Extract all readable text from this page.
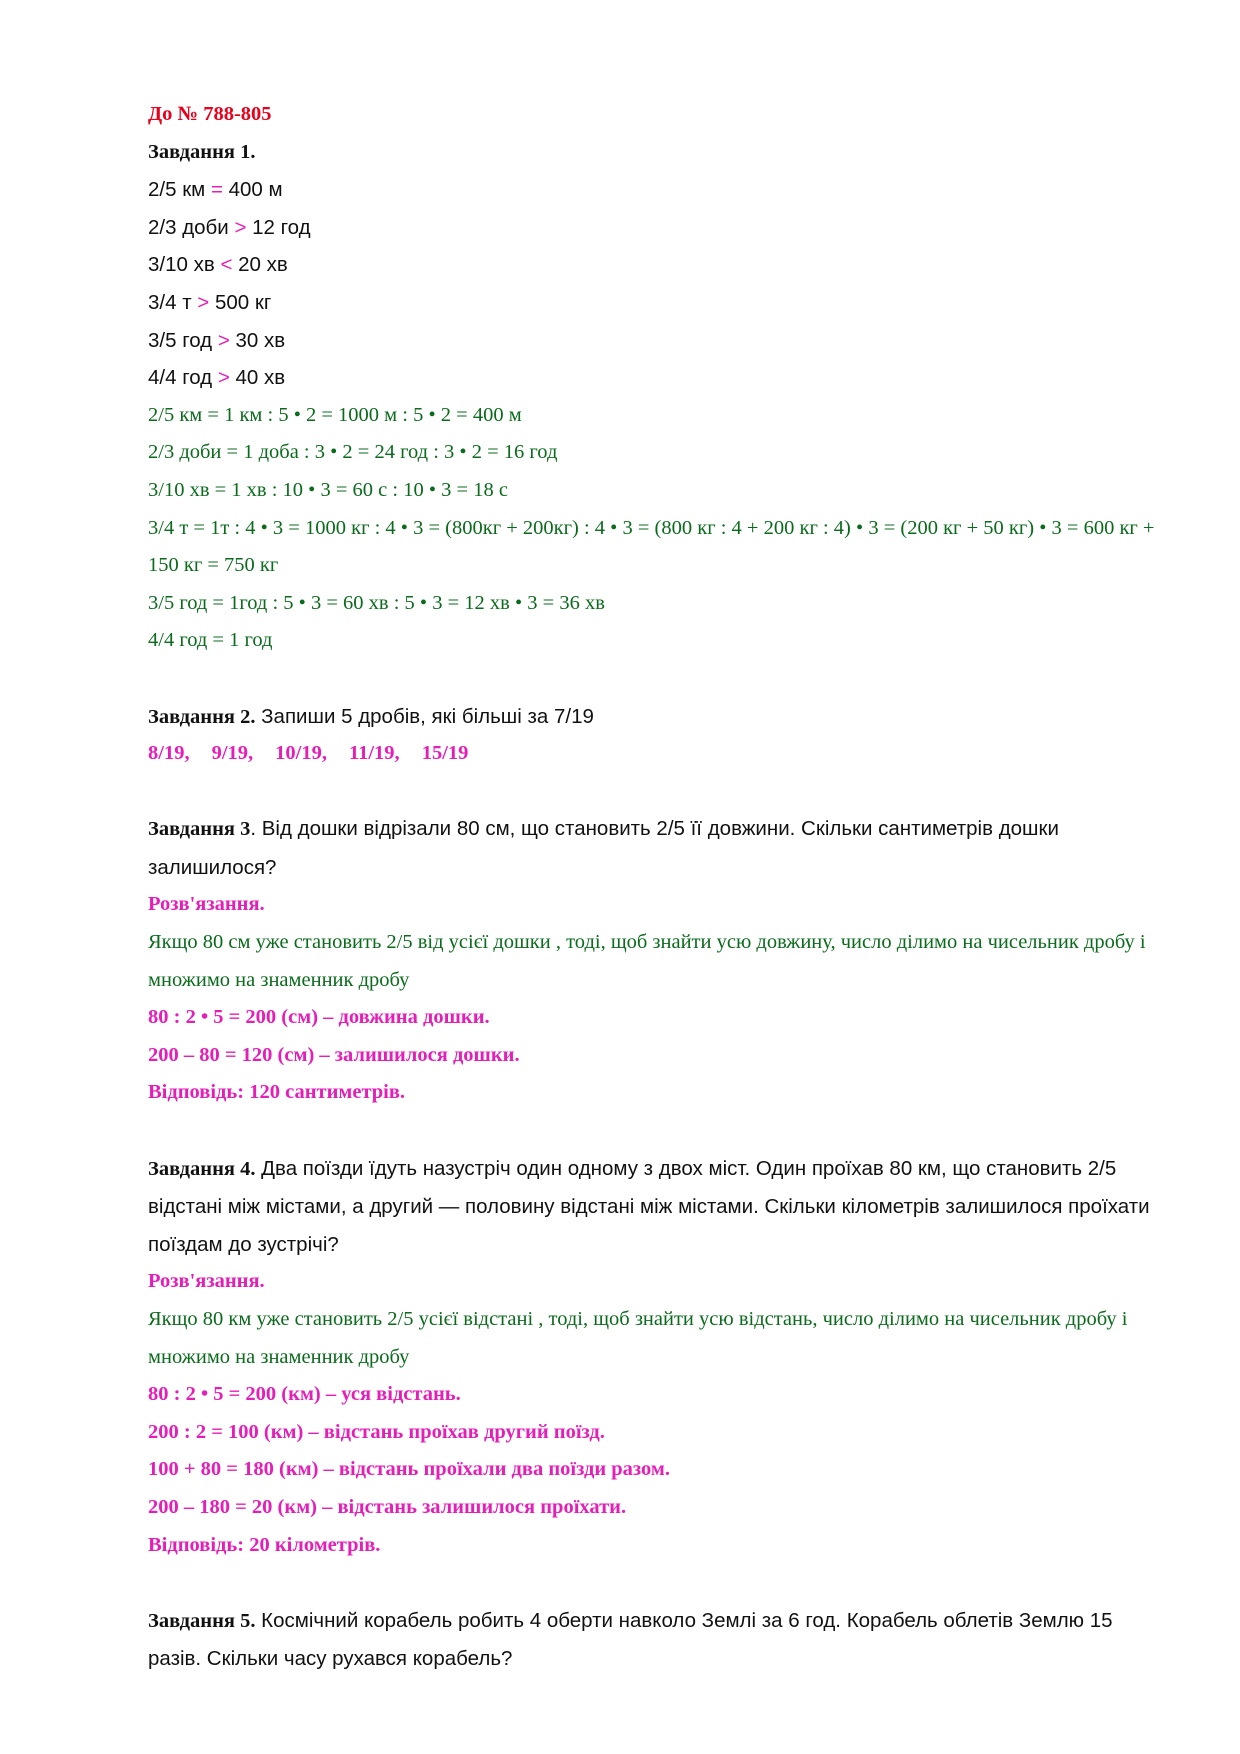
До № 788-805
Завдання 1.
2/5 км = 400 м
2/3 доби > 12 год
3/10 хв < 20 хв
3/4 т > 500 кг
3/5 год > 30 хв
4/4 год > 40 хв
2/5 км = 1 км : 5 • 2 = 1000 м : 5 • 2 = 400 м
2/3 доби = 1 доба : 3 • 2 = 24 год : 3 • 2 = 16 год
3/10 хв = 1 хв : 10 • 3 = 60 с : 10 • 3 = 18 с
3/4 т = 1т : 4 • 3 = 1000 кг : 4 • 3 = (800кг + 200кг) : 4 • 3 = (800 кг : 4 + 200 кг : 4) • 3 = (200 кг + 50 кг) • 3 = 600 кг + 150 кг = 750 кг
3/5 год = 1год : 5 • 3 = 60 хв : 5 • 3 = 12 хв • 3 = 36 хв
4/4 год = 1 год
Завдання 2. Запиши 5 дробів, які більші за 7/19
8/19, 9/19, 10/19, 11/19, 15/19
Завдання 3. Від дошки відрізали 80 см, що становить 2/5 її довжини. Скільки сантиметрів дошки залишилося?
Розв'язання.
Якщо 80 см уже становить 2/5 від усієї дошки , тоді, щоб знайти усю довжину, число ділимо на чисельник дробу і множимо на знаменник дробу
80 : 2 • 5 = 200 (см) – довжина дошки.
200 – 80 = 120 (см) – залишилося дошки.
Відповідь: 120 сантиметрів.
Завдання 4. Два поїзди їдуть назустріч один одному з двох міст. Один проїхав 80 км, що становить 2/5 відстані між містами, а другий — половину відстані між містами. Скільки кілометрів залишилося проїхати поїздам до зустрічі?
Розв'язання.
Якщо 80 км уже становить 2/5 усієї відстані , тоді, щоб знайти усю відстань, число ділимо на чисельник дробу і множимо на знаменник дробу
80 : 2 • 5 = 200 (км) – уся відстань.
200 : 2 = 100 (км) – відстань проїхав другий поїзд.
100 + 80 = 180 (км) – відстань проїхали два поїзди разом.
200 – 180 = 20 (км) – відстань залишилося проїхати.
Відповідь: 20 кілометрів.
Завдання 5. Космічний корабель робить 4 оберти навколо Землі за 6 год. Корабель облетів Землю 15 разів. Скільки часу рухався корабель?
